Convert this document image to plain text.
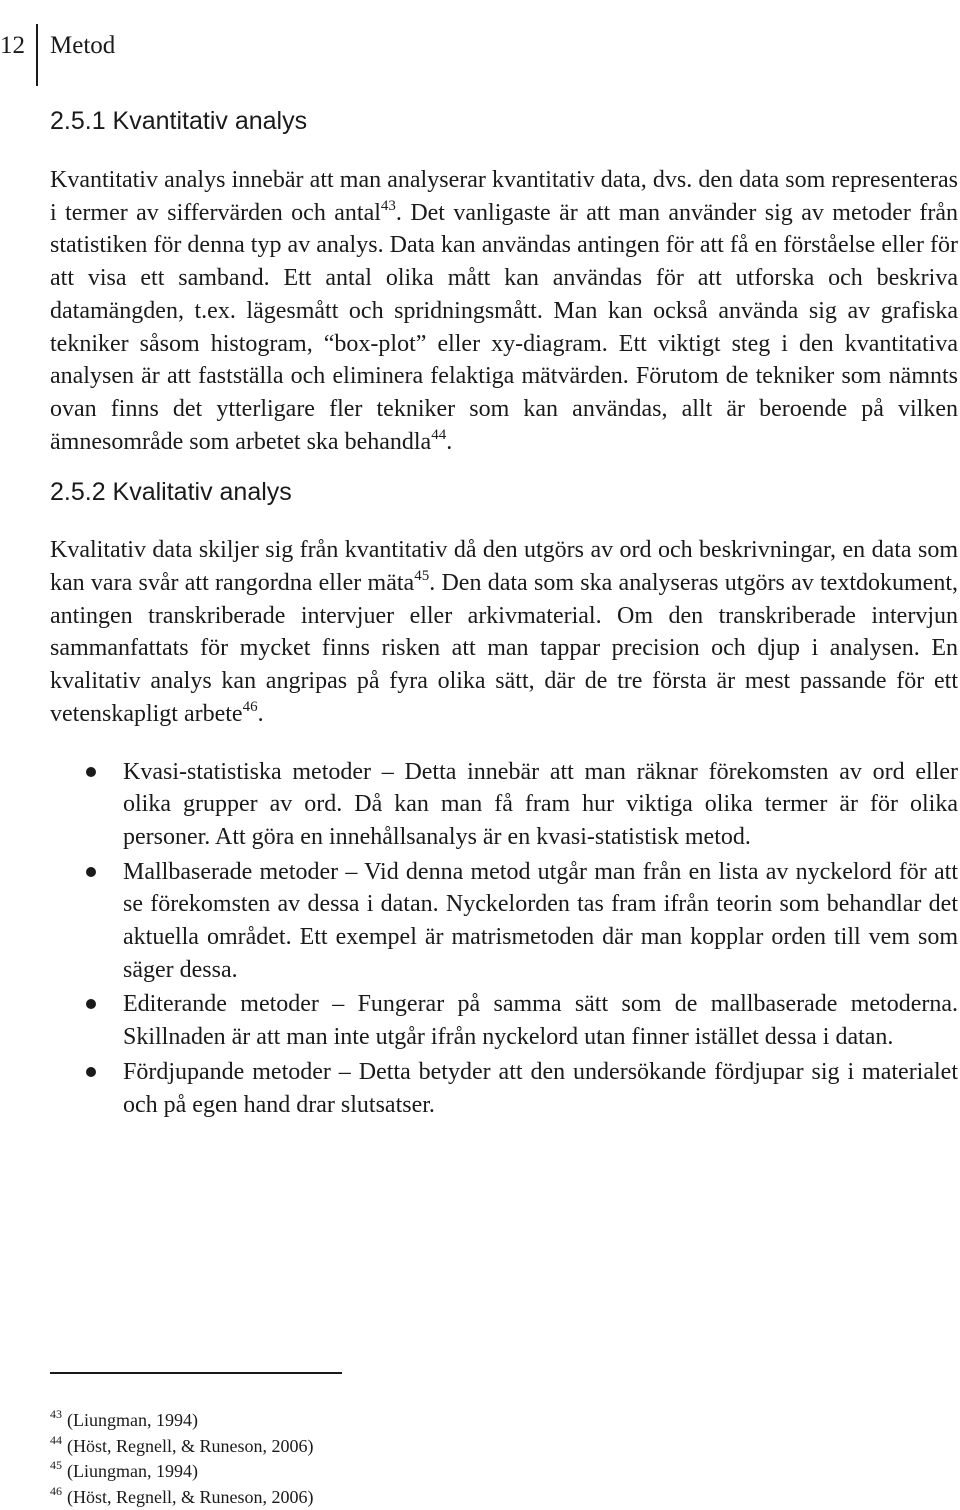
12 Metod
2.5.1 Kvantitativ analys

Kvantitativ analys innebär att man analyserar kvantitativ data, dvs. den data som representeras i termer av siffervärden och antal$^{43}$. Det vanligaste är att man använder sig av metoder från statistiken för denna typ av analys. Data kan användas antingen för att få en förståelse eller för att visa ett samband. Ett antal olika mått kan användas för att utforska och beskriva datamängden, t.ex. lägesmått och spridningsmått. Man kan också använda sig av grafiska tekniker såsom histogram, “box-plot” eller xy-diagram. Ett viktigt steg i den kvantitativa analysen är att fastställa och eliminera felaktiga mätvärden. Förutom de tekniker som nämnts ovan finns det ytterligare fler tekniker som kan användas, allt är beroende på vilken ämnesområde som arbetet ska behandla$^{44}$.

2.5.2 Kvalitativ analys

Kvalitativ data skiljer sig från kvantitativ då den utgörs av ord och beskrivningar, en data som kan vara svår att rangordna eller mäta$^{45}$. Den data som ska analyseras utgörs av textdokument, antingen transkriberade intervjuer eller arkivmaterial. Om den transkriberade intervjun sammanfattats för mycket finns risken att man tappar precision och djup i analysen. En kvalitativ analys kan angripas på fyra olika sätt, där de tre första är mest passande för ett vetenskapligt arbete$^{46}$.

Kvasi-statistiska metoder – Detta innebär att man räknar förekomsten av ord eller olika grupper av ord. Då kan man få fram hur viktiga olika termer är för olika personer. Att göra en innehållsanalys är en kvasi-statistisk metod.

Mallbaserade metoder – Vid denna metod utgår man från en lista av nyckelord för att se förekomsten av dessa i datan. Nyckelorden tas fram ifrån teorin som behandlar det aktuella området. Ett exempel är matrismetoden där man kopplar orden till vem som säger dessa.

Editerande metoder – Fungerar på samma sätt som de mallbaserade metoderna. Skillnaden är att man inte utgår ifrån nyckelord utan finner istället dessa i datan.

Fördjupande metoder – Detta betyder att den undersökande fördjupar sig i materialet och på egen hand drar slutsatser.

$^{43}$ (Liungman, 1994)
$^{44}$ (Höst, Regnell, & Runeson, 2006)
$^{45}$ (Liungman, 1994)
$^{46}$ (Höst, Regnell, & Runeson, 2006)
